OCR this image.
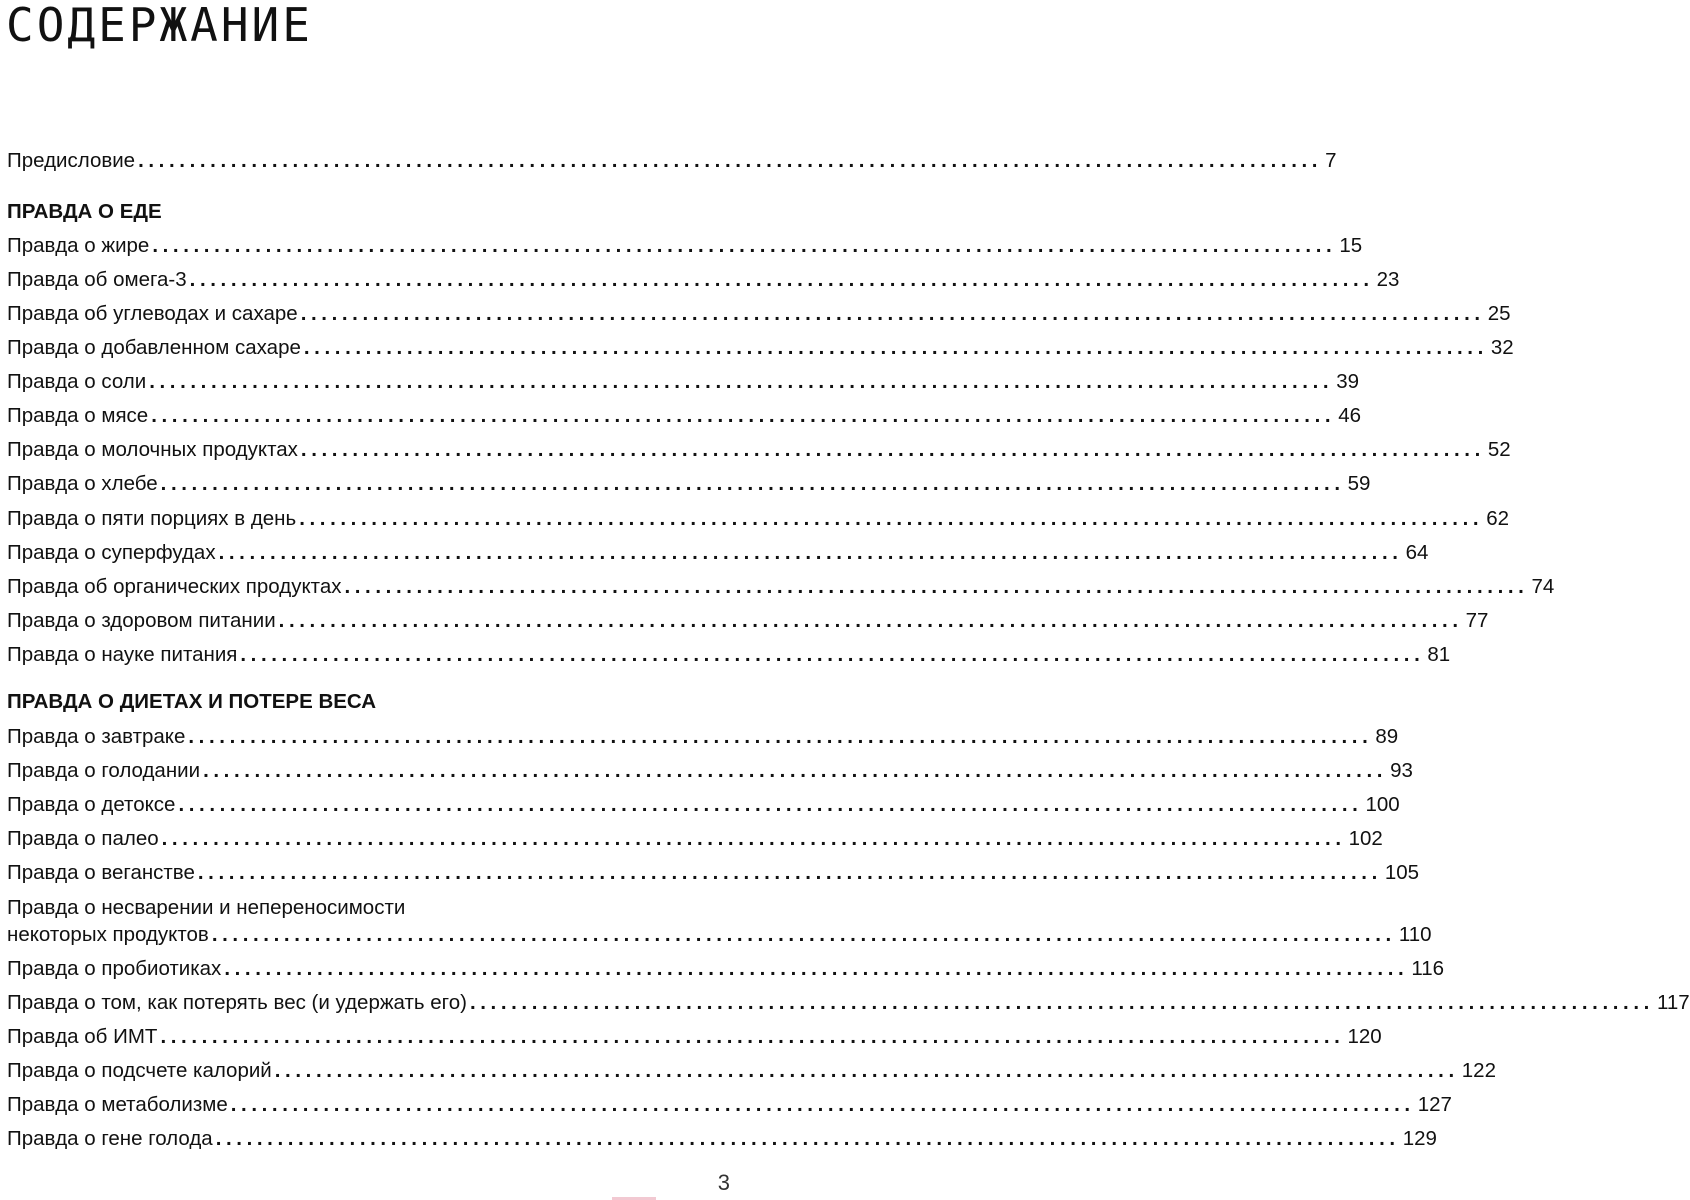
СОДЕРЖАНИЕ
Предисловие ................................................................................................................... 7
ПРАВДА О ЕДЕ
Правда о жире ................................................................................................................... 15
Правда об омега-3 ................................................................................................................... 23
Правда об углеводах и сахаре ................................................................................................................... 25
Правда о добавленном сахаре ................................................................................................................... 32
Правда о соли ................................................................................................................... 39
Правда о мясе ................................................................................................................... 46
Правда о молочных продуктах ................................................................................................................... 52
Правда о хлебе ................................................................................................................... 59
Правда о пяти порциях в день ................................................................................................................... 62
Правда о суперфудах ................................................................................................................... 64
Правда об органических продуктах ................................................................................................................... 74
Правда о здоровом питании ................................................................................................................... 77
Правда о науке питания ................................................................................................................... 81
ПРАВДА О ДИЕТАХ И ПОТЕРЕ ВЕСА
Правда о завтраке ................................................................................................................... 89
Правда о голодании ................................................................................................................... 93
Правда о детоксе ................................................................................................................... 100
Правда о палео ................................................................................................................... 102
Правда о веганстве ................................................................................................................... 105
Правда о несварении и непереносимости
некоторых продуктов ................................................................................................................... 110
Правда о пробиотиках ................................................................................................................... 116
Правда о том, как потерять вес (и удержать его) ................................................................................................................... 117
Правда об ИМТ ................................................................................................................... 120
Правда о подсчете калорий ................................................................................................................... 122
Правда о метаболизме ................................................................................................................... 127
Правда о гене голода ................................................................................................................... 129
3
